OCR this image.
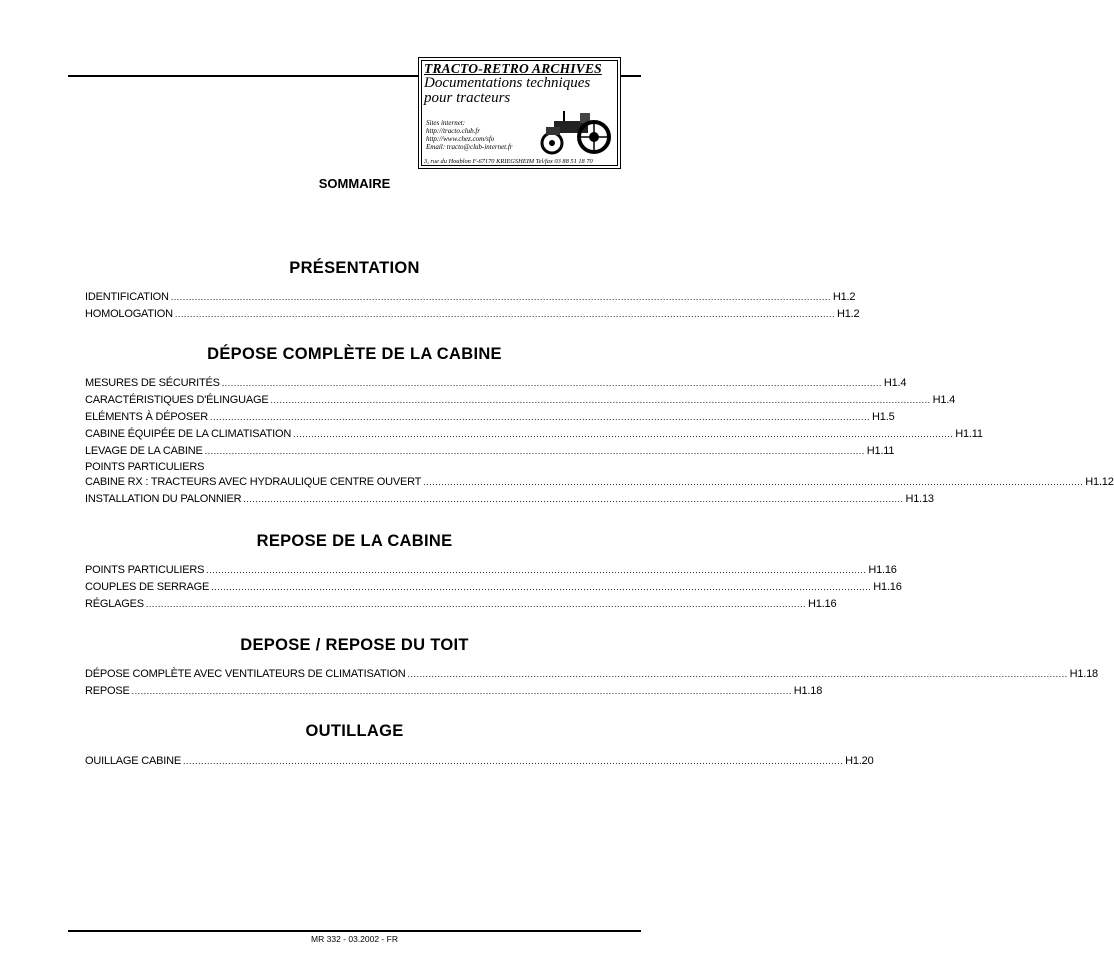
TRACTO-RETRO ARCHIVES
Documentations techniques
pour tracteurs
Sites internet:
http://tracto.club.fr
http://www.chez.com/sfo
Email: tracto@club-internet.fr
3, rue du Houblon F-67170 KRIEGSHEIM Tel/fax 03 88 51 18 70
SOMMAIRE
PRÉSENTATION
IDENTIFICATION ............................................................................................................................................................................................................................ H1.2
HOMOLOGATION ............................................................................................................................................................................................................................ H1.2
DÉPOSE COMPLÈTE DE LA CABINE
MESURES DE SÉCURITÉS ............................................................................................................................................................................................................................ H1.4
CARACTÉRISTIQUES D'ÉLINGUAGE ............................................................................................................................................................................................................................ H1.4
ELÉMENTS À DÉPOSER ............................................................................................................................................................................................................................ H1.5
CABINE ÉQUIPÉE DE LA CLIMATISATION ............................................................................................................................................................................................................................ H1.11
LEVAGE DE LA CABINE ............................................................................................................................................................................................................................ H1.11
POINTS PARTICULIERS
CABINE RX : TRACTEURS AVEC HYDRAULIQUE CENTRE OUVERT ............................................................................................................................................................................................................................ H1.12
INSTALLATION DU PALONNIER ............................................................................................................................................................................................................................ H1.13
REPOSE DE LA CABINE
POINTS PARTICULIERS ............................................................................................................................................................................................................................ H1.16
COUPLES DE SERRAGE ............................................................................................................................................................................................................................ H1.16
RÉGLAGES ............................................................................................................................................................................................................................ H1.16
DEPOSE / REPOSE DU TOIT
DÉPOSE COMPLÈTE AVEC VENTILATEURS DE CLIMATISATION ............................................................................................................................................................................................................................ H1.18
REPOSE ............................................................................................................................................................................................................................ H1.18
OUTILLAGE
OUILLAGE CABINE ............................................................................................................................................................................................................................ H1.20
MR 332 - 03.2002 - FR
